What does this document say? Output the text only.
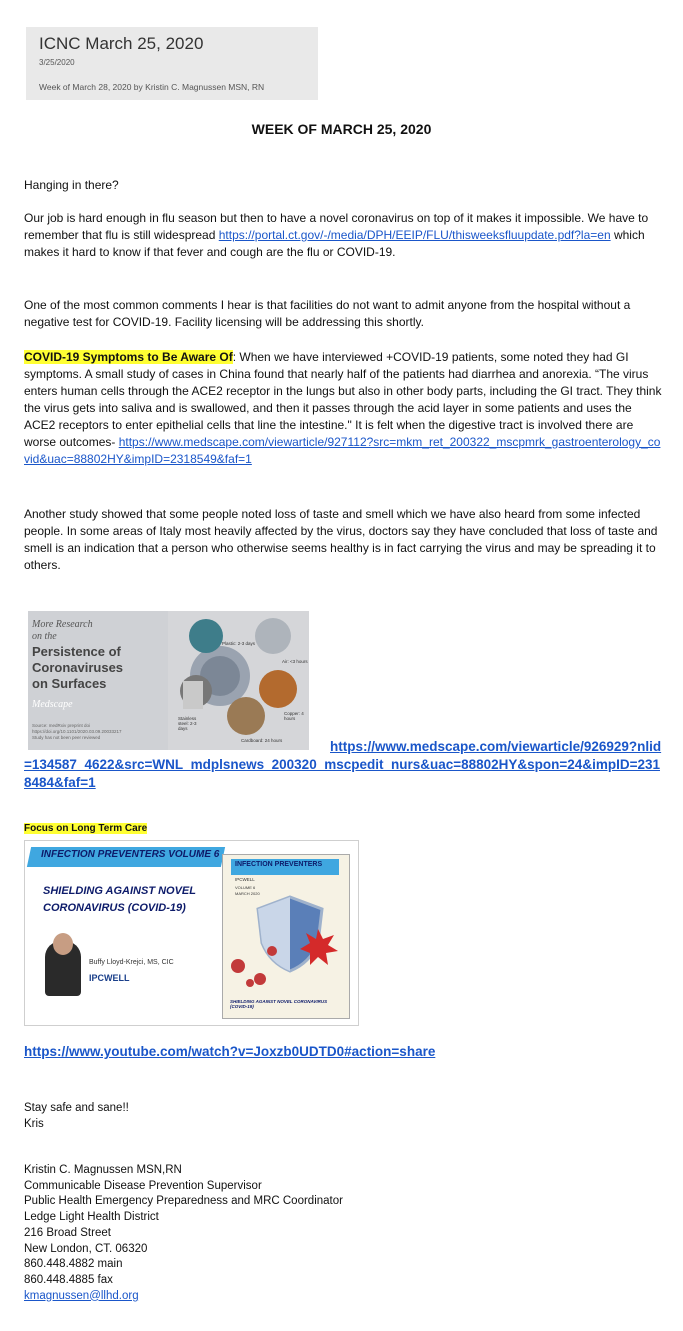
ICNC March 25, 2020
3/25/2020
Week of March 28, 2020 by Kristin C. Magnussen MSN, RN
WEEK OF MARCH 25, 2020
Hanging in there?
Our job is hard enough in flu season but then to have a novel coronavirus on top of it makes it impossible. We have to remember that flu is still widespread https://portal.ct.gov/-/media/DPH/EEIP/FLU/thisweeksfluupdate.pdf?la=en which makes it hard to know if that fever and cough are the flu or COVID-19.
One of the most common comments I hear is that facilities do not want to admit anyone from the hospital without a negative test for COVID-19. Facility licensing will be addressing this shortly.
COVID-19 Symptoms to Be Aware Of: When we have interviewed +COVID-19 patients, some noted they had GI symptoms. A small study of cases in China found that nearly half of the patients had diarrhea and anorexia. “The virus enters human cells through the ACE2 receptor in the lungs but also in other body parts, including the GI tract. They think the virus gets into saliva and is swallowed, and then it passes through the acid layer in some patients and uses the ACE2 receptors to enter epithelial cells that line the intestine." It is felt when the digestive tract is involved there are worse outcomes- https://www.medscape.com/viewarticle/927112?src=mkm_ret_200322_mscpmrk_gastroenterology_covid&uac=88802HY&impID=2318549&faf=1
Another study showed that some people noted loss of taste and smell which we have also heard from some infected people. In some areas of Italy most heavily affected by the virus, doctors say they have concluded that loss of taste and smell is an indication that a person who otherwise seems healthy is in fact carrying the virus and may be spreading it to others.
More Research
on the
Persistence of
Coronaviruses
on Surfaces
Medscape
Source: medRxiv preprint doi
https://doi.org/10.1101/2020.03.09.20033217
Study has not been peer reviewed
Plastic: 2-3 days
Air: <3 hours
Stainless steel: 2-3 days
Copper: 4 hours
Cardboard: 24 hours	https://www.medscape.com/viewarticle/926929?nlid=134587_4622&src=WNL_mdplsnews_200320_mscpedit_nurs&uac=88802HY&spon=24&impID=2318484&faf=1
Focus on Long Term Care
INFECTION PREVENTERS VOLUME 6
SHIELDING AGAINST NOVEL CORONAVIRUS (COVID-19)
Buffy Lloyd-Krejci, MS, CIC
IPCWELL
INFECTION PREVENTERS
IPCWELL
VOLUME 6
MARCH 2020
SHIELDING AGAINST NOVEL CORONAVIRUS (COVID-19)
https://www.youtube.com/watch?v=Joxzb0UDTD0#action=share
Stay safe and sane!!
Kris
Kristin C. Magnussen MSN,RN
Communicable Disease Prevention Supervisor
Public Health Emergency Preparedness and MRC Coordinator
Ledge Light Health District
216 Broad Street
New London, CT. 06320
860.448.4882 main
860.448.4885 fax
kmagnussen@llhd.org
